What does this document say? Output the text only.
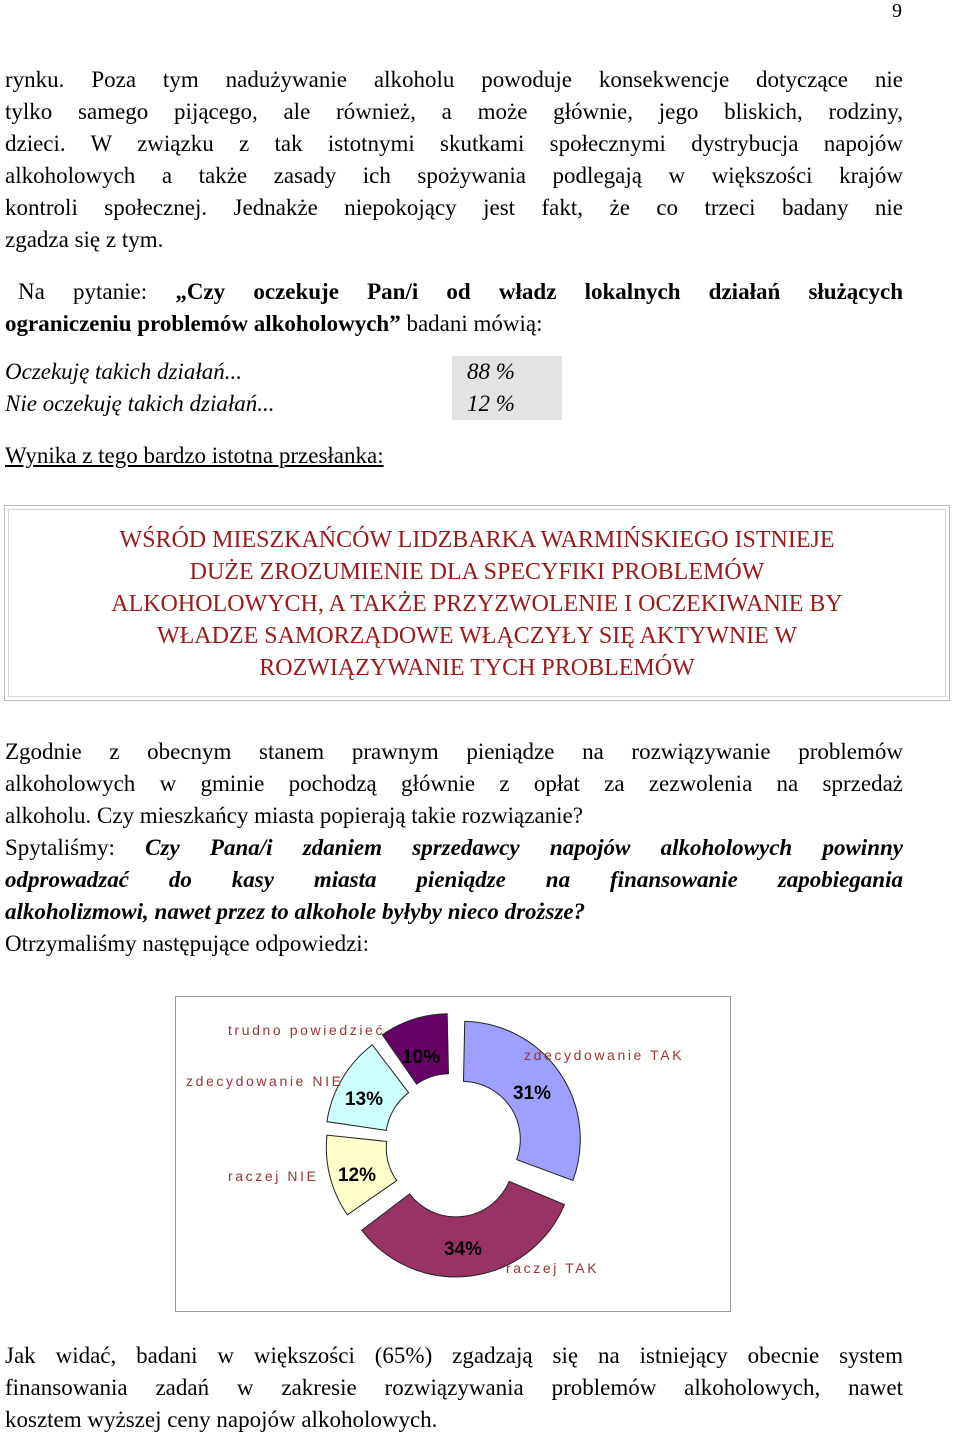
9
rynku. Poza tym nadużywanie alkoholu powoduje konsekwencje dotyczące nie
tylko samego pijącego, ale również, a może głównie, jego bliskich, rodziny,
dzieci. W związku z tak istotnymi skutkami społecznymi dystrybucja napojów
alkoholowych a także zasady ich spożywania podlegają w większości krajów
kontroli społecznej. Jednakże niepokojący jest fakt, że co trzeci badany nie
zgadza się z tym.
Na pytanie: „Czy oczekuje Pan/i od władz lokalnych działań służących
ograniczeniu problemów alkoholowych” badani mówią:
Oczekuję takich działań...	88 %
Nie oczekuję takich działań...	12 %
Wynika z tego bardzo istotna przesłanka:
WŚRÓD MIESZKAŃCÓW LIDZBARKA WARMIŃSKIEGO ISTNIEJE
DUŻE ZROZUMIENIE DLA SPECYFIKI PROBLEMÓW
ALKOHOLOWYCH, A TAKŻE PRZYZWOLENIE I OCZEKIWANIE BY
WŁADZE SAMORZĄDOWE WŁĄCZYŁY SIĘ AKTYWNIE W
ROZWIĄZYWANIE TYCH PROBLEMÓW
Zgodnie z obecnym stanem prawnym pieniądze na rozwiązywanie problemów
alkoholowych w gminie pochodzą głównie z opłat za zezwolenia na sprzedaż
alkoholu. Czy mieszkańcy miasta popierają takie rozwiązanie?
Spytaliśmy: Czy Pana/i zdaniem sprzedawcy napojów alkoholowych powinny
odprowadzać do kasy miasta pieniądze na finansowanie zapobiegania
alkoholizmowi, nawet przez to alkohole byłyby nieco droższe?
Otrzymaliśmy następujące odpowiedzi:
zdecydowanie TAK
31%
raczej TAK
34%
raczej NIE 12%
zdecydowanie NIE
13%
trudno powiedzieć
10%
Jak widać, badani w większości (65%) zgadzają się na istniejący obecnie system
finansowania zadań w zakresie rozwiązywania problemów alkoholowych, nawet
kosztem wyższej ceny napojów alkoholowych.
